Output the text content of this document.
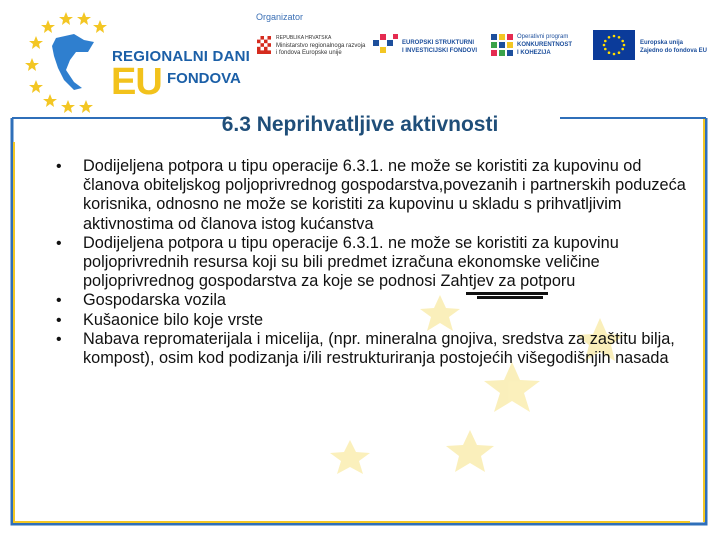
REGIONALNI DANI
EU FONDOVA
Organizator
REPUBLIKA HRVATSKA
Ministarstvo regionalnoga razvoja
i fondova Europske unije
EUROPSKI STRUKTURNI
I INVESTICIJSKI FONDOVI
Operativni program
KONKURENTNOST
I KOHEZIJA
Europska unija
Zajedno do fondova EU
6.3 Neprihvatljive aktivnosti
• Dodijeljena potpora u tipu operacije 6.3.1. ne može se koristiti za kupovinu od članova obiteljskog poljoprivrednog gospodarstva,povezanih i partnerskih poduzeća korisnika, odnosno ne može se koristiti za kupovinu u skladu s prihvatljivim aktivnostima od članova istog kućanstva
• Dodijeljena potpora u tipu operacije 6.3.1. ne može se koristiti za kupovinu poljoprivrednih resursa koji su bili predmet izračuna ekonomske veličine poljoprivrednog gospodarstva za koje se podnosi Zahtjev za potporu
• Gospodarska vozila
• Kušaonice bilo koje vrste
• Nabava repromaterijala i micelija, (npr. mineralna gnojiva, sredstva za zaštitu bilja, kompost), osim kod podizanja i/ili restrukturiranja postojećih višegodišnjih nasada
